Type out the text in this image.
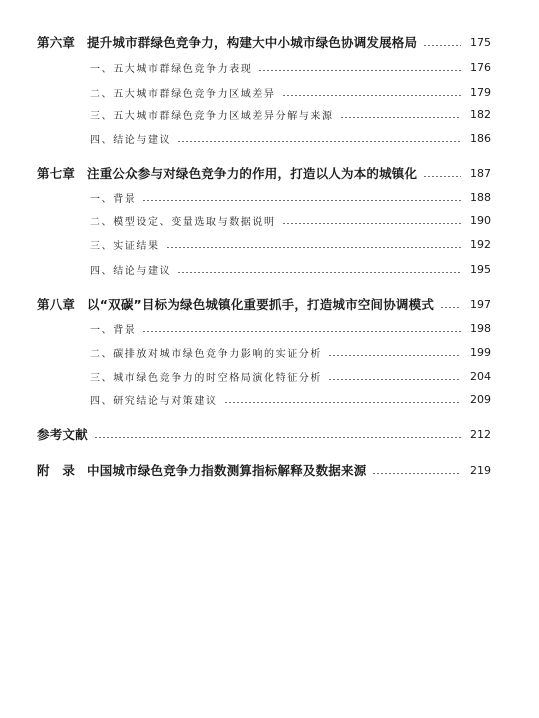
第六章 提升城市群绿色竞争力，构建大中小城市绿色协调发展格局	175
一、五大城市群绿色竞争力表现	176
二、五大城市群绿色竞争力区域差异	179
三、五大城市群绿色竞争力区域差异分解与来源	182
四、结论与建议	186
第七章 注重公众参与对绿色竞争力的作用，打造以人为本的城镇化	187
一、背景	188
二、模型设定、变量选取与数据说明	190
三、实证结果	192
四、结论与建议	195
第八章 以“双碳”目标为绿色城镇化重要抓手，打造城市空间协调模式	197
一、背景	198
二、碳排放对城市绿色竞争力影响的实证分析	199
三、城市绿色竞争力的时空格局演化特征分析	204
四、研究结论与对策建议	209
参考文献	212
附　录 中国城市绿色竞争力指数测算指标解释及数据来源	219
